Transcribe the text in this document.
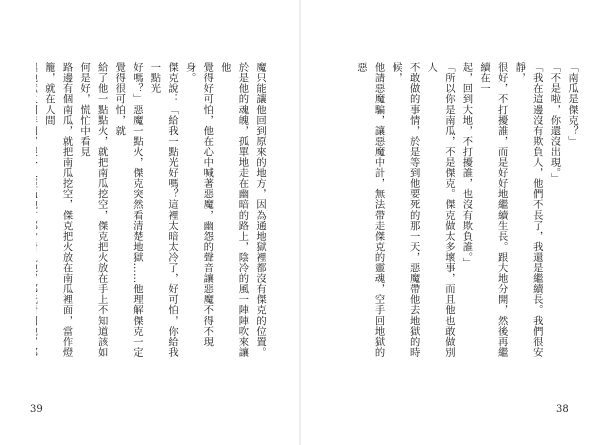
魔只能讓他回到原來的地方，因為通地獄裡都沒有傑克的位置。

於是他的魂魄，孤單地走在幽暗的路上，陰冷的風一陣陣吹來讓他

覺得好可怕，他在心中喊著惡魔，幽怨的聲音讓惡魔不得不現身。

傑克說：「給我一點光好嗎？這裡太暗太冷了，好可怕，你給我一點光

好嗎？」惡魔一點火，傑克突然看清楚地獄……他理解傑克一定覺得很可怕，就

給了他一點點火，就把南瓜挖空，傑克把火放在手上不知道該如何是好，慌忙中看見

路邊有個南瓜，就把南瓜挖空，傑克把火放在南瓜裡面，當作燈籠，就在人間

39

「南瓜是傑克？」

「不是啦，你還沒出現。」

「我在這邊沒有欺負人，他們不長了，我還是繼續長。我們很安靜，

很好，不打擾誰，而是好好地繼續生長。跟大地分開，然後再繼續在一

起，回到大地，不打擾誰，也沒有欺負誰。」

「所以你是南瓜，不是傑克。傑克做太多壞事，而且他也敢做別人

不敢做的事情，於是等到他要死的那一天，惡魔帶他去地獄的時候，

他請惡魔騙，讓惡魔中計，無法帶走傑克的靈魂，空手回地獄的惡

38
